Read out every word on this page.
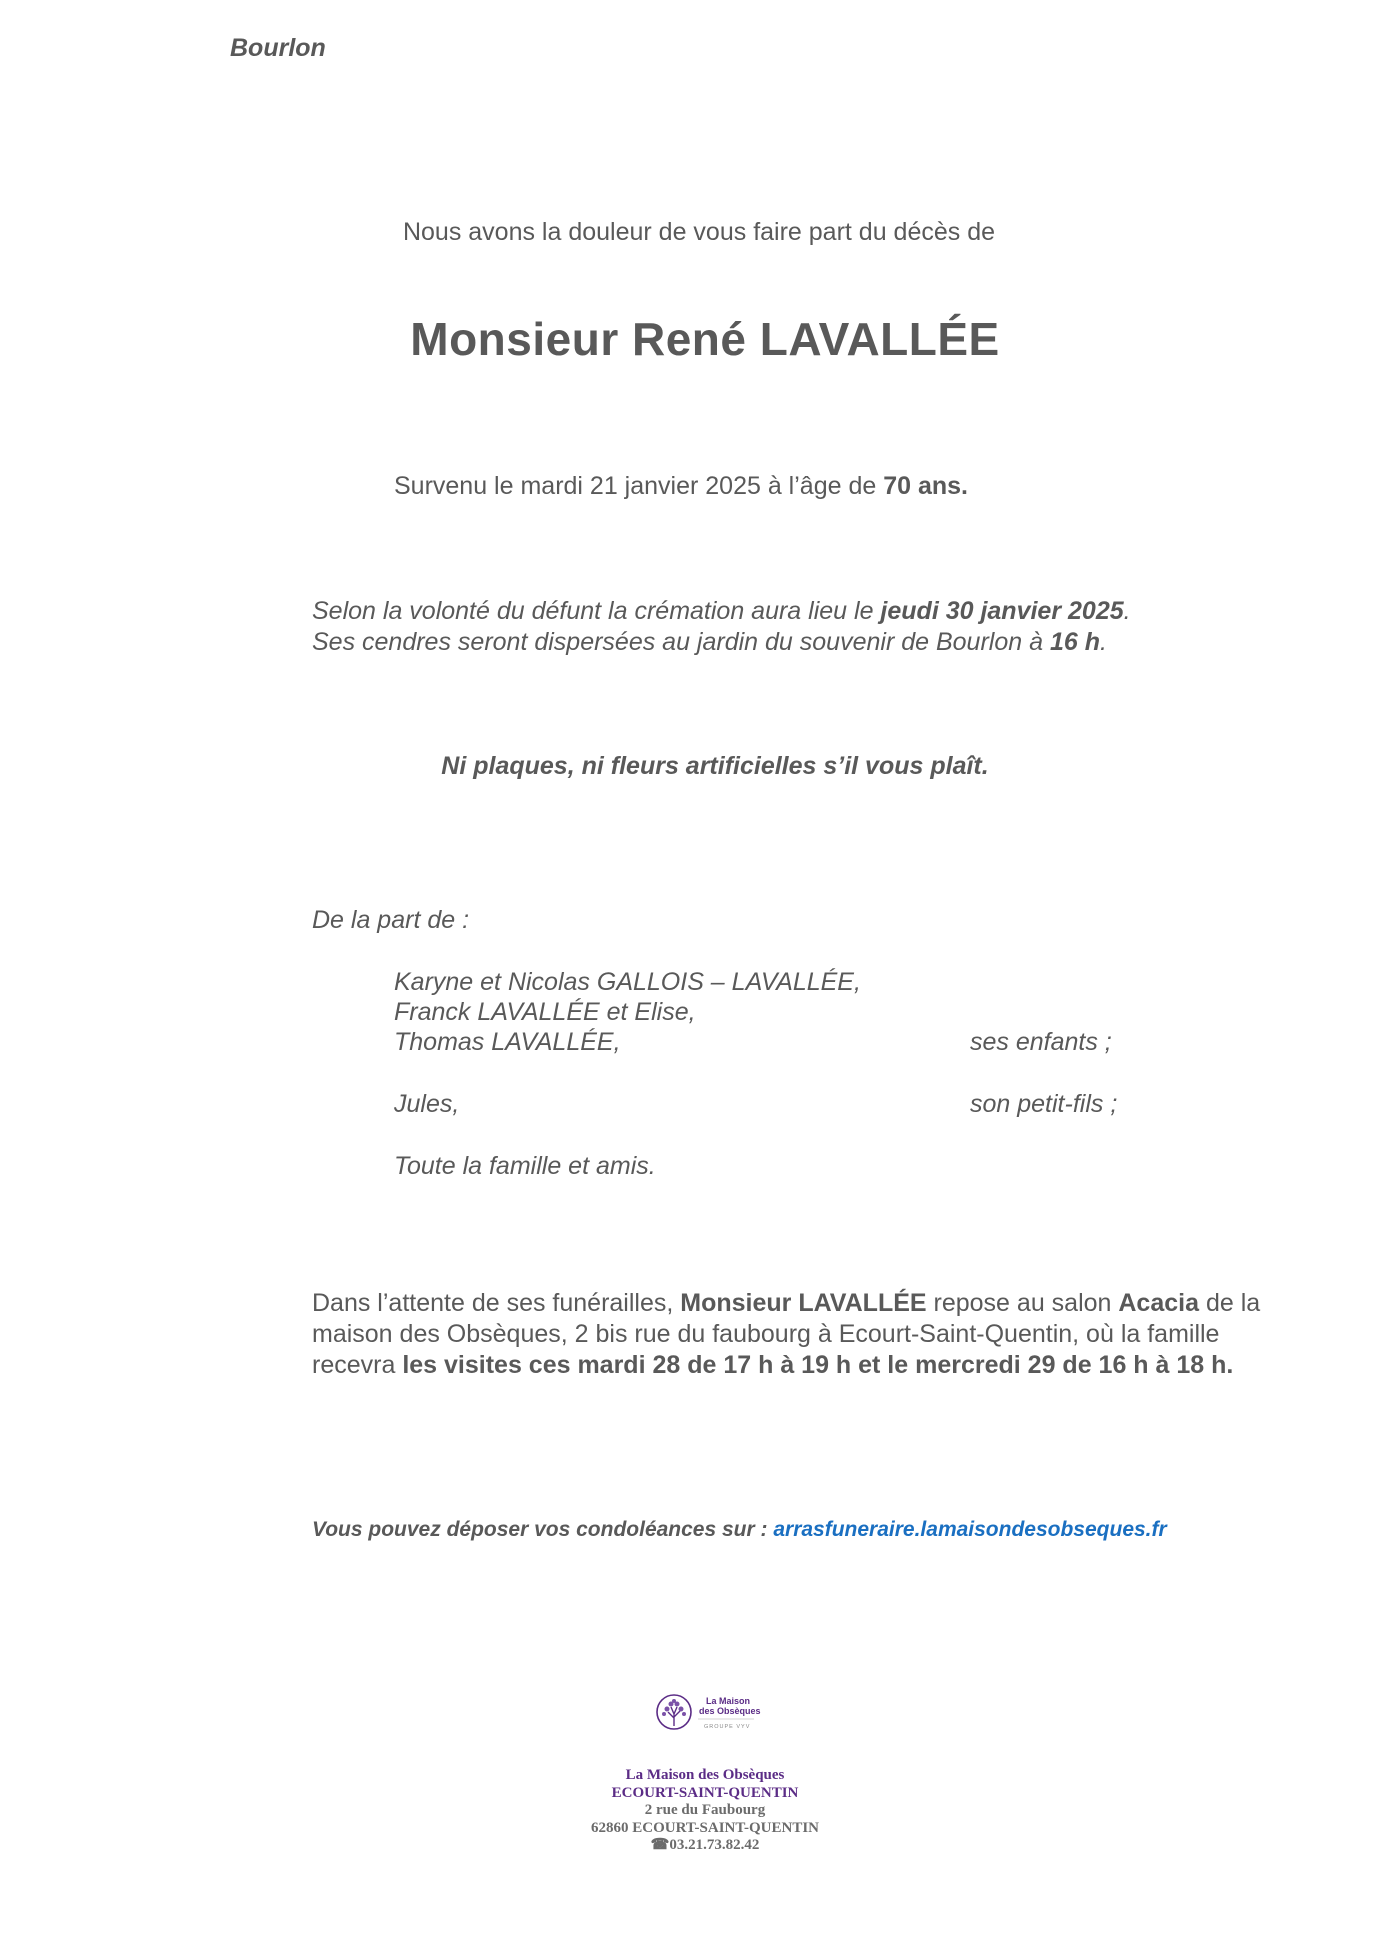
Bourlon
Nous avons la douleur de vous faire part du décès de
Monsieur René LAVALLÉE
Survenu le mardi 21 janvier 2025 à l’âge de 70 ans.
Selon la volonté du défunt la crémation aura lieu le jeudi 30 janvier 2025.
Ses cendres seront dispersées au jardin du souvenir de Bourlon à 16 h.
Ni plaques, ni fleurs artificielles s’il vous plaît.
De la part de :
Karyne et Nicolas GALLOIS – LAVALLÉE,
Franck LAVALLÉE et Elise,
Thomas LAVALLÉE,	ses enfants ;
Jules,	son petit-fils ;
Toute la famille et amis.
Dans l’attente de ses funérailles, Monsieur LAVALLÉE repose au salon Acacia de la maison des Obsèques, 2 bis rue du faubourg à Ecourt-Saint-Quentin, où la famille recevra les visites ces mardi 28 de 17 h à 19 h et le mercredi 29 de 16 h à 18 h.
Vous pouvez déposer vos condoléances sur : arrasfuneraire.lamaisondesobseques.fr
La Maison
des Obsèques
GROUPE VYV
La Maison des Obsèques
ECOURT-SAINT-QUENTIN
2 rue du Faubourg
62860 ECOURT-SAINT-QUENTIN
☎03.21.73.82.42
